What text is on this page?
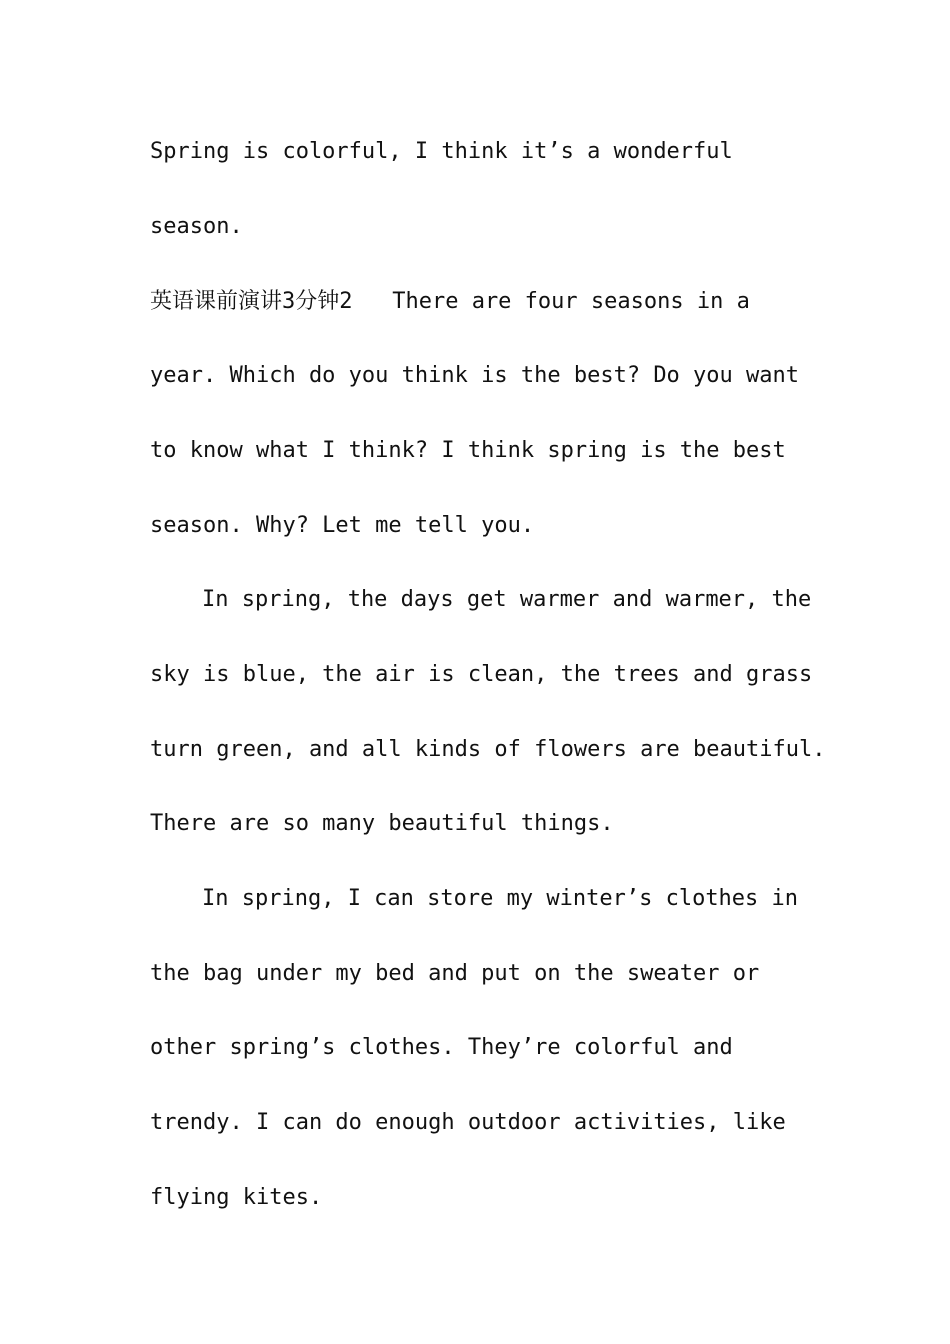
Spring is colorful, I think it’s a wonderful
season.
英语课前演讲3分钟2   There are four seasons in a
year. Which do you think is the best? Do you want
to know what I think? I think spring is the best
season. Why? Let me tell you.
In spring, the days get warmer and warmer, the
sky is blue, the air is clean, the trees and grass
turn green, and all kinds of flowers are beautiful.
There are so many beautiful things.
In spring, I can store my winter’s clothes in
the bag under my bed and put on the sweater or
other spring’s clothes. They’re colorful and
trendy. I can do enough outdoor activities, like
flying kites.
